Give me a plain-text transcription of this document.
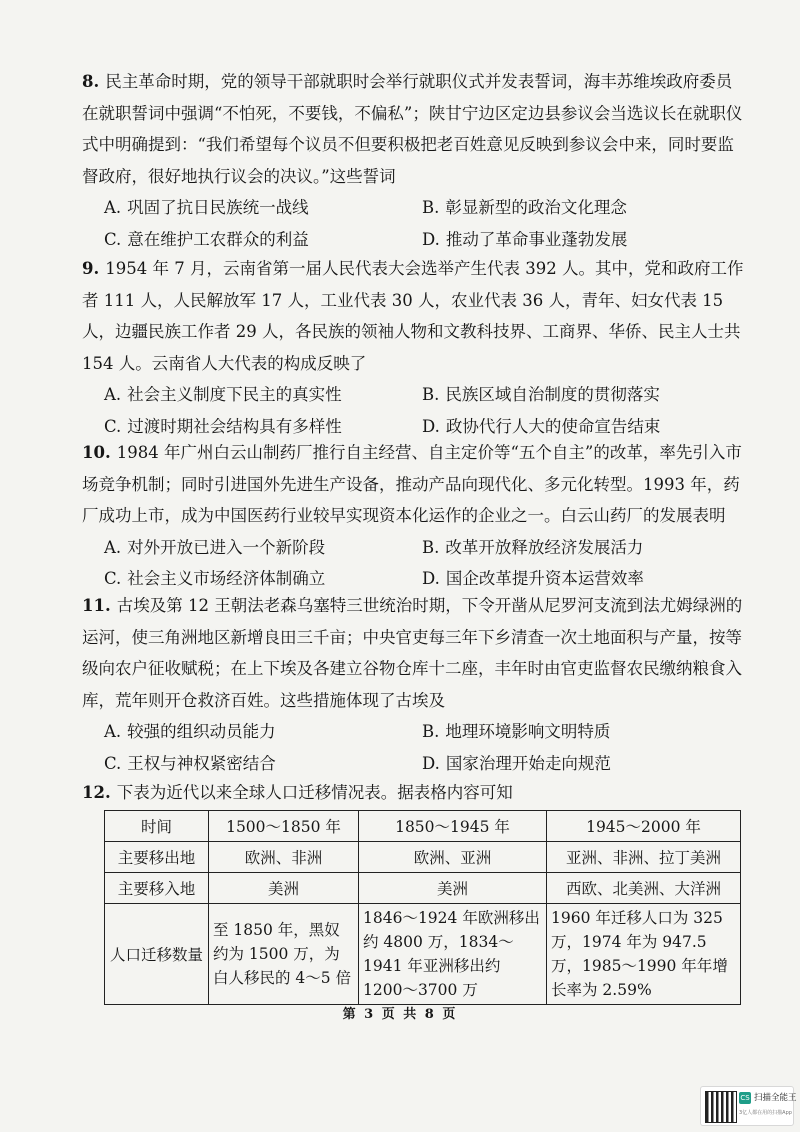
8. 民主革命时期，党的领导干部就职时会举行就职仪式并发表誓词，海丰苏维埃政府委员在就职誓词中强调“不怕死，不要钱，不偏私”；陕甘宁边区定边县参议会当选议长在就职仪式中明确提到：“我们希望每个议员不但要积极把老百姓意见反映到参议会中来，同时要监督政府，很好地执行议会的决议。”这些誓词
A. 巩固了抗日民族统一战线	B. 彰显新型的政治文化理念
C. 意在维护工农群众的利益	D. 推动了革命事业蓬勃发展
9. 1954 年 7 月，云南省第一届人民代表大会选举产生代表 392 人。其中，党和政府工作者 111 人，人民解放军 17 人，工业代表 30 人，农业代表 36 人，青年、妇女代表 15 人，边疆民族工作者 29 人，各民族的领袖人物和文教科技界、工商界、华侨、民主人士共 154 人。云南省人大代表的构成反映了
A. 社会主义制度下民主的真实性	B. 民族区域自治制度的贯彻落实
C. 过渡时期社会结构具有多样性	D. 政协代行人大的使命宣告结束
10. 1984 年广州白云山制药厂推行自主经营、自主定价等“五个自主”的改革，率先引入市场竞争机制；同时引进国外先进生产设备，推动产品向现代化、多元化转型。1993 年，药厂成功上市，成为中国医药行业较早实现资本化运作的企业之一。白云山药厂的发展表明
A. 对外开放已进入一个新阶段	B. 改革开放释放经济发展活力
C. 社会主义市场经济体制确立	D. 国企改革提升资本运营效率
11. 古埃及第 12 王朝法老森乌塞特三世统治时期，下令开凿从尼罗河支流到法尤姆绿洲的运河，使三角洲地区新增良田三千亩；中央官吏每三年下乡清查一次土地面积与产量，按等级向农户征收赋税；在上下埃及各建立谷物仓库十二座，丰年时由官吏监督农民缴纳粮食入库，荒年则开仓救济百姓。这些措施体现了古埃及
A. 较强的组织动员能力	B. 地理环境影响文明特质
C. 王权与神权紧密结合	D. 国家治理开始走向规范
12. 下表为近代以来全球人口迁移情况表。据表格内容可知
时间	1500～1850 年	1850～1945 年	1945～2000 年
主要移出地	欧洲、非洲	欧洲、亚洲	亚洲、非洲、拉丁美洲
主要移入地	美洲	美洲	西欧、北美洲、大洋洲
人口迁移数量	至 1850 年，黑奴约为 1500 万，为白人移民的 4～5 倍	1846～1924 年欧洲移出约 4800 万，1834～1941 年亚洲移出约 1200～3700 万	1960 年迁移人口为 325 万，1974 年为 947.5 万，1985～1990 年年增长率为 2.59%
第 3 页 共 8 页
CS 扫描全能王
3亿人都在用的扫描App
